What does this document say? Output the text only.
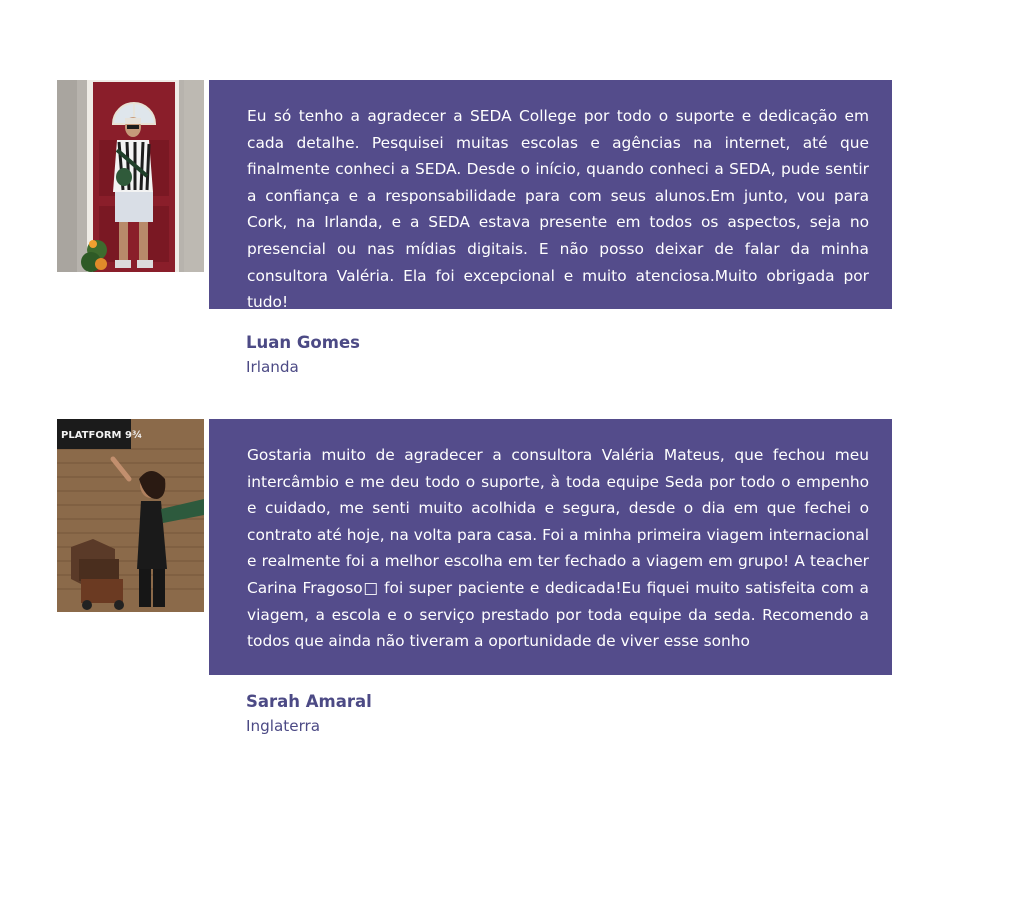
Eu só tenho a agradecer a SEDA College por todo o suporte e dedicação em cada detalhe. Pesquisei muitas escolas e agências na internet, até que finalmente conheci a SEDA. Desde o início, quando conheci a SEDA, pude sentir a confiança e a responsabilidade para com seus alunos.Em junto, vou para Cork, na Irlanda, e a SEDA estava presente em todos os aspectos, seja no presencial ou nas mídias digitais. E não posso deixar de falar da minha consultora Valéria. Ela foi excepcional e muito atenciosa.Muito obrigada por tudo!

Luan Gomes

Irlanda

PLATFORM 9¾

Gostaria muito de agradecer a consultora Valéria Mateus, que fechou meu intercâmbio e me deu todo o suporte, à toda equipe Seda por todo o empenho e cuidado, me senti muito acolhida e segura, desde o dia em que fechei o contrato até hoje, na volta para casa. Foi a minha primeira viagem internacional e realmente foi a melhor escolha em ter fechado a viagem em grupo! A teacher Carina Fragoso□ foi super paciente e dedicada!Eu fiquei muito satisfeita com a viagem, a escola e o serviço prestado por toda equipe da seda. Recomendo a todos que ainda não tiveram a oportunidade de viver esse sonho

Sarah Amaral

Inglaterra
